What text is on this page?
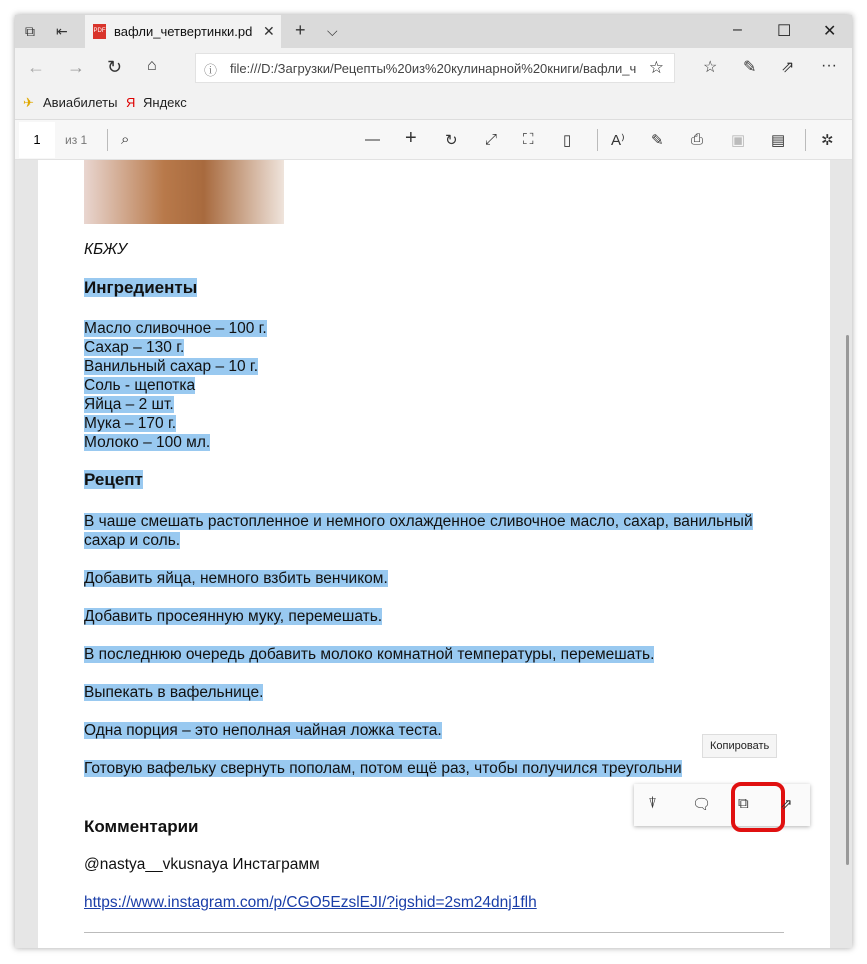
⧉ ⇤	PDF вафли_четвертинки.pd ✕ + ⌵	– ☐ ✕
← → ↻ ⌂	ⓘ file:///D:/Загрузки/Рецепты%20из%20кулинарной%20книги/вафли_ч ☆ ☆ ✎ ⇗ ···
✈ Авиабилеты Я Яндекс
1	из 1 ⌕	— + ↻ ⤢ ⛶ ▯	A⁾ ✎ ⎙ ▣ ▤ ✲
КБЖУ
Ингредиенты
Масло сливочное – 100 г.
Сахар – 130 г.
Ванильный сахар – 10 г.
Соль - щепотка
Яйца – 2 шт.
Мука – 170 г.
Молоко – 100 мл.
Рецепт
В чаше смешать растопленное и немного охлажденное сливочное масло, сахар, ванильный
сахар и соль.
Добавить яйца, немного взбить венчиком.
Добавить просеянную муку, перемешать.
В последнюю очередь добавить молоко комнатной температуры, перемешать.
Выпекать в вафельнице.
Одна порция – это неполная чайная ложка теста.
Готовую вафельку свернуть пополам, потом ещё раз, чтобы получился треугольни
Комментарии
@nastya__vkusnaya Инстаграмм
https://www.instagram.com/p/CGO5EzslEJI/?igshid=2sm24dnj1flh
Копировать
⍒ 🗨 ⧉ ⇗
